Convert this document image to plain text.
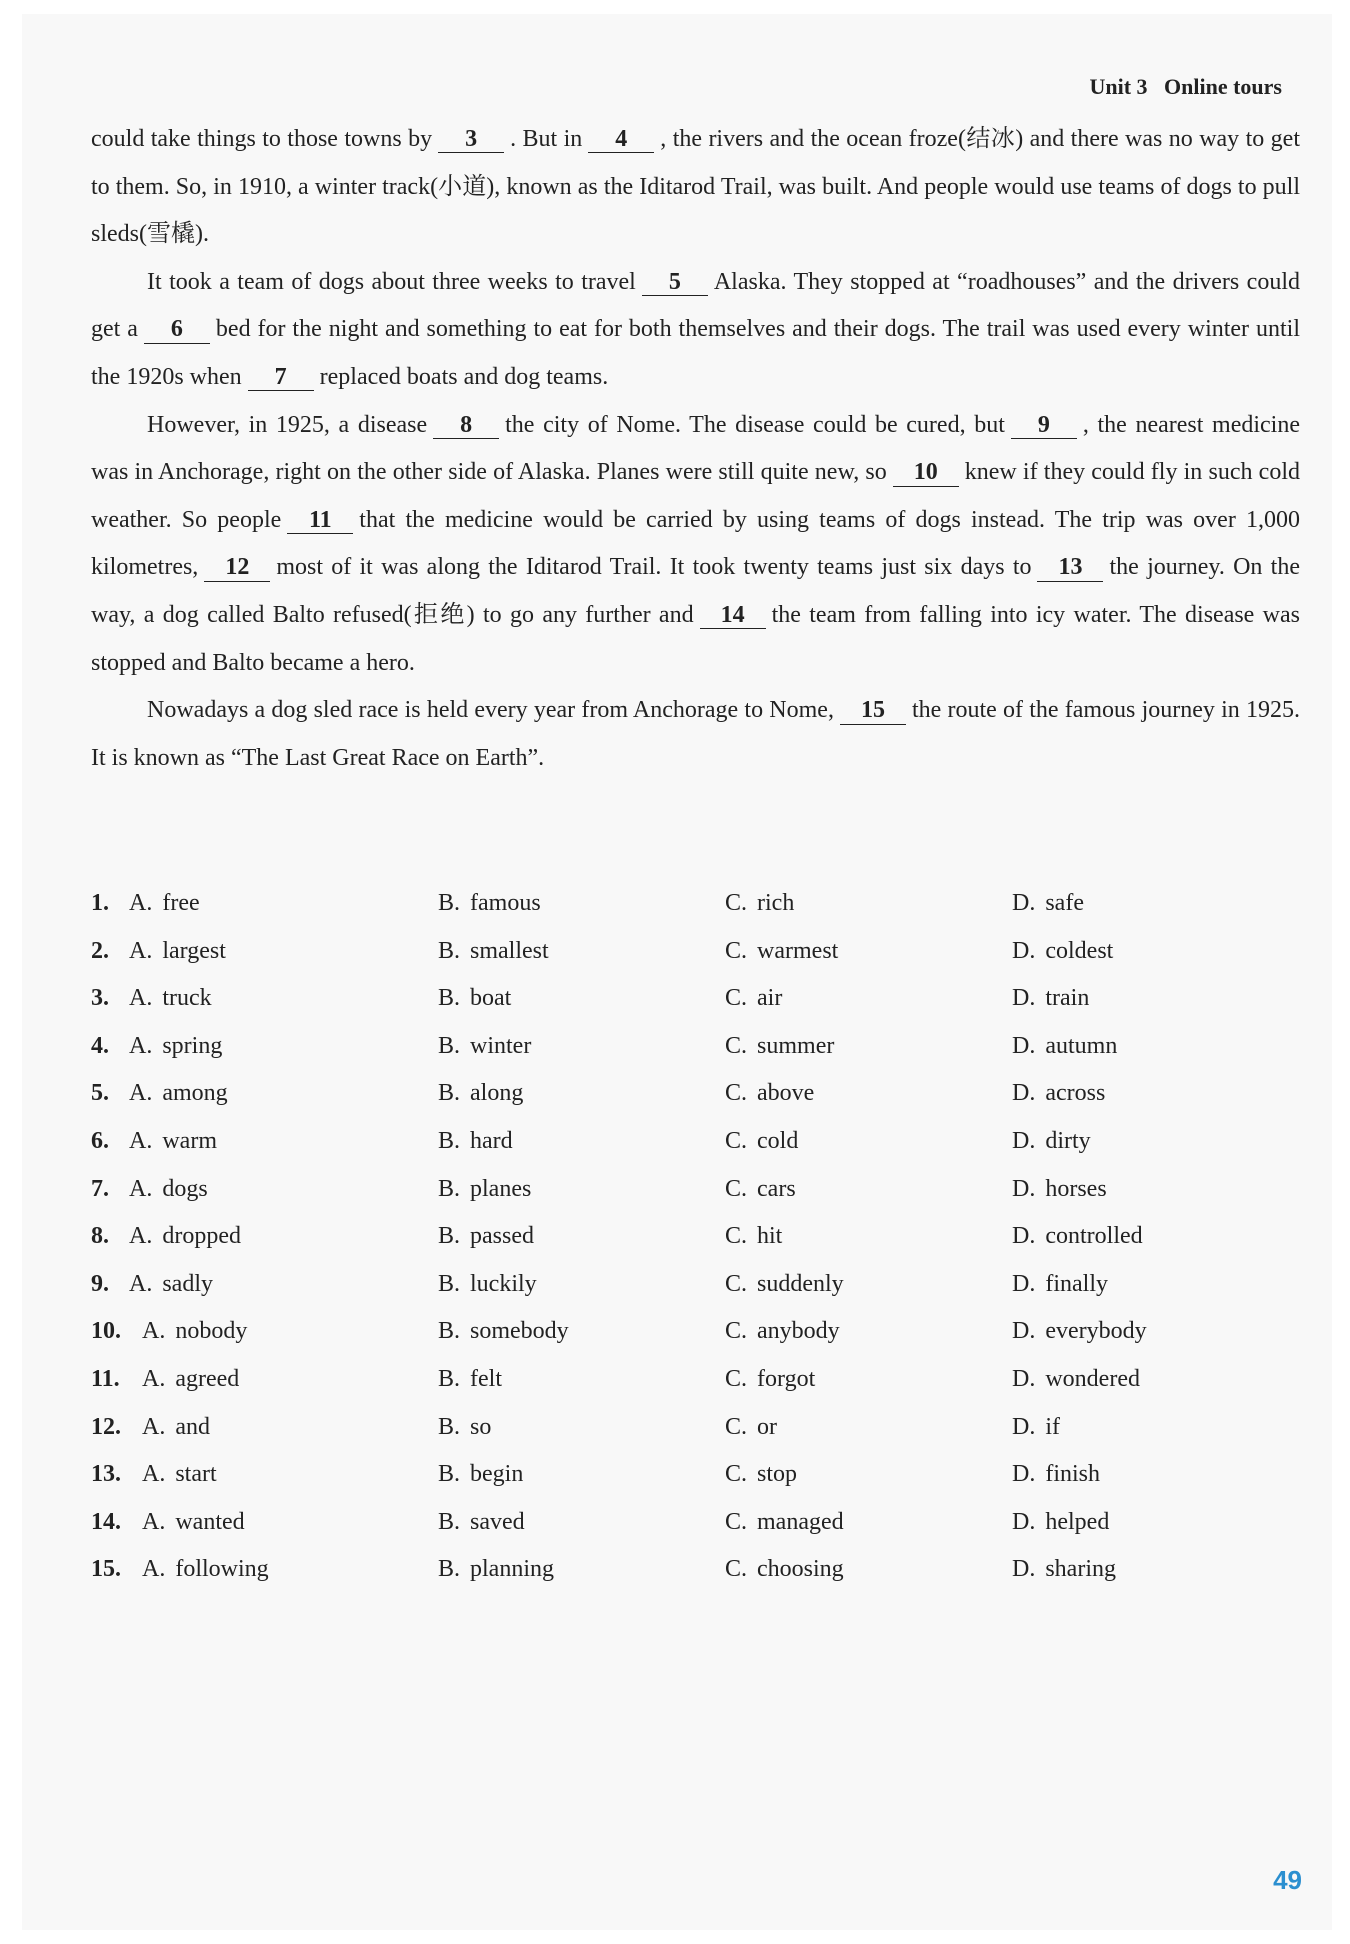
Unit 3 Online tours

could take things to those towns by 3 . But in 4 , the rivers and the ocean froze(结冰) and there was no way to get to them. So, in 1910, a winter track(小道), known as the Iditarod Trail, was built. And people would use teams of dogs to pull sleds(雪橇).

It took a team of dogs about three weeks to travel 5 Alaska. They stopped at “roadhouses” and the drivers could get a 6 bed for the night and something to eat for both themselves and their dogs. The trail was used every winter until the 1920s when 7 replaced boats and dog teams.

However, in 1925, a disease 8 the city of Nome. The disease could be cured, but 9 , the nearest medicine was in Anchorage, right on the other side of Alaska. Planes were still quite new, so 10 knew if they could fly in such cold weather. So people 11 that the medicine would be carried by using teams of dogs instead. The trip was over 1,000 kilometres, 12 most of it was along the Iditarod Trail. It took twenty teams just six days to 13 the journey. On the way, a dog called Balto refused(拒绝) to go any further and 14 the team from falling into icy water. The disease was stopped and Balto became a hero.

Nowadays a dog sled race is held every year from Anchorage to Nome, 15 the route of the famous journey in 1925. It is known as “The Last Great Race on Earth”.

1. A. free	B. famous	C. rich	D. safe
2. A. largest	B. smallest	C. warmest	D. coldest
3. A. truck	B. boat	C. air	D. train
4. A. spring	B. winter	C. summer	D. autumn
5. A. among	B. along	C. above	D. across
6. A. warm	B. hard	C. cold	D. dirty
7. A. dogs	B. planes	C. cars	D. horses
8. A. dropped	B. passed	C. hit	D. controlled
9. A. sadly	B. luckily	C. suddenly	D. finally
10. A. nobody	B. somebody	C. anybody	D. everybody
11. A. agreed	B. felt	C. forgot	D. wondered
12. A. and	B. so	C. or	D. if
13. A. start	B. begin	C. stop	D. finish
14. A. wanted	B. saved	C. managed	D. helped
15. A. following	B. planning	C. choosing	D. sharing
49
